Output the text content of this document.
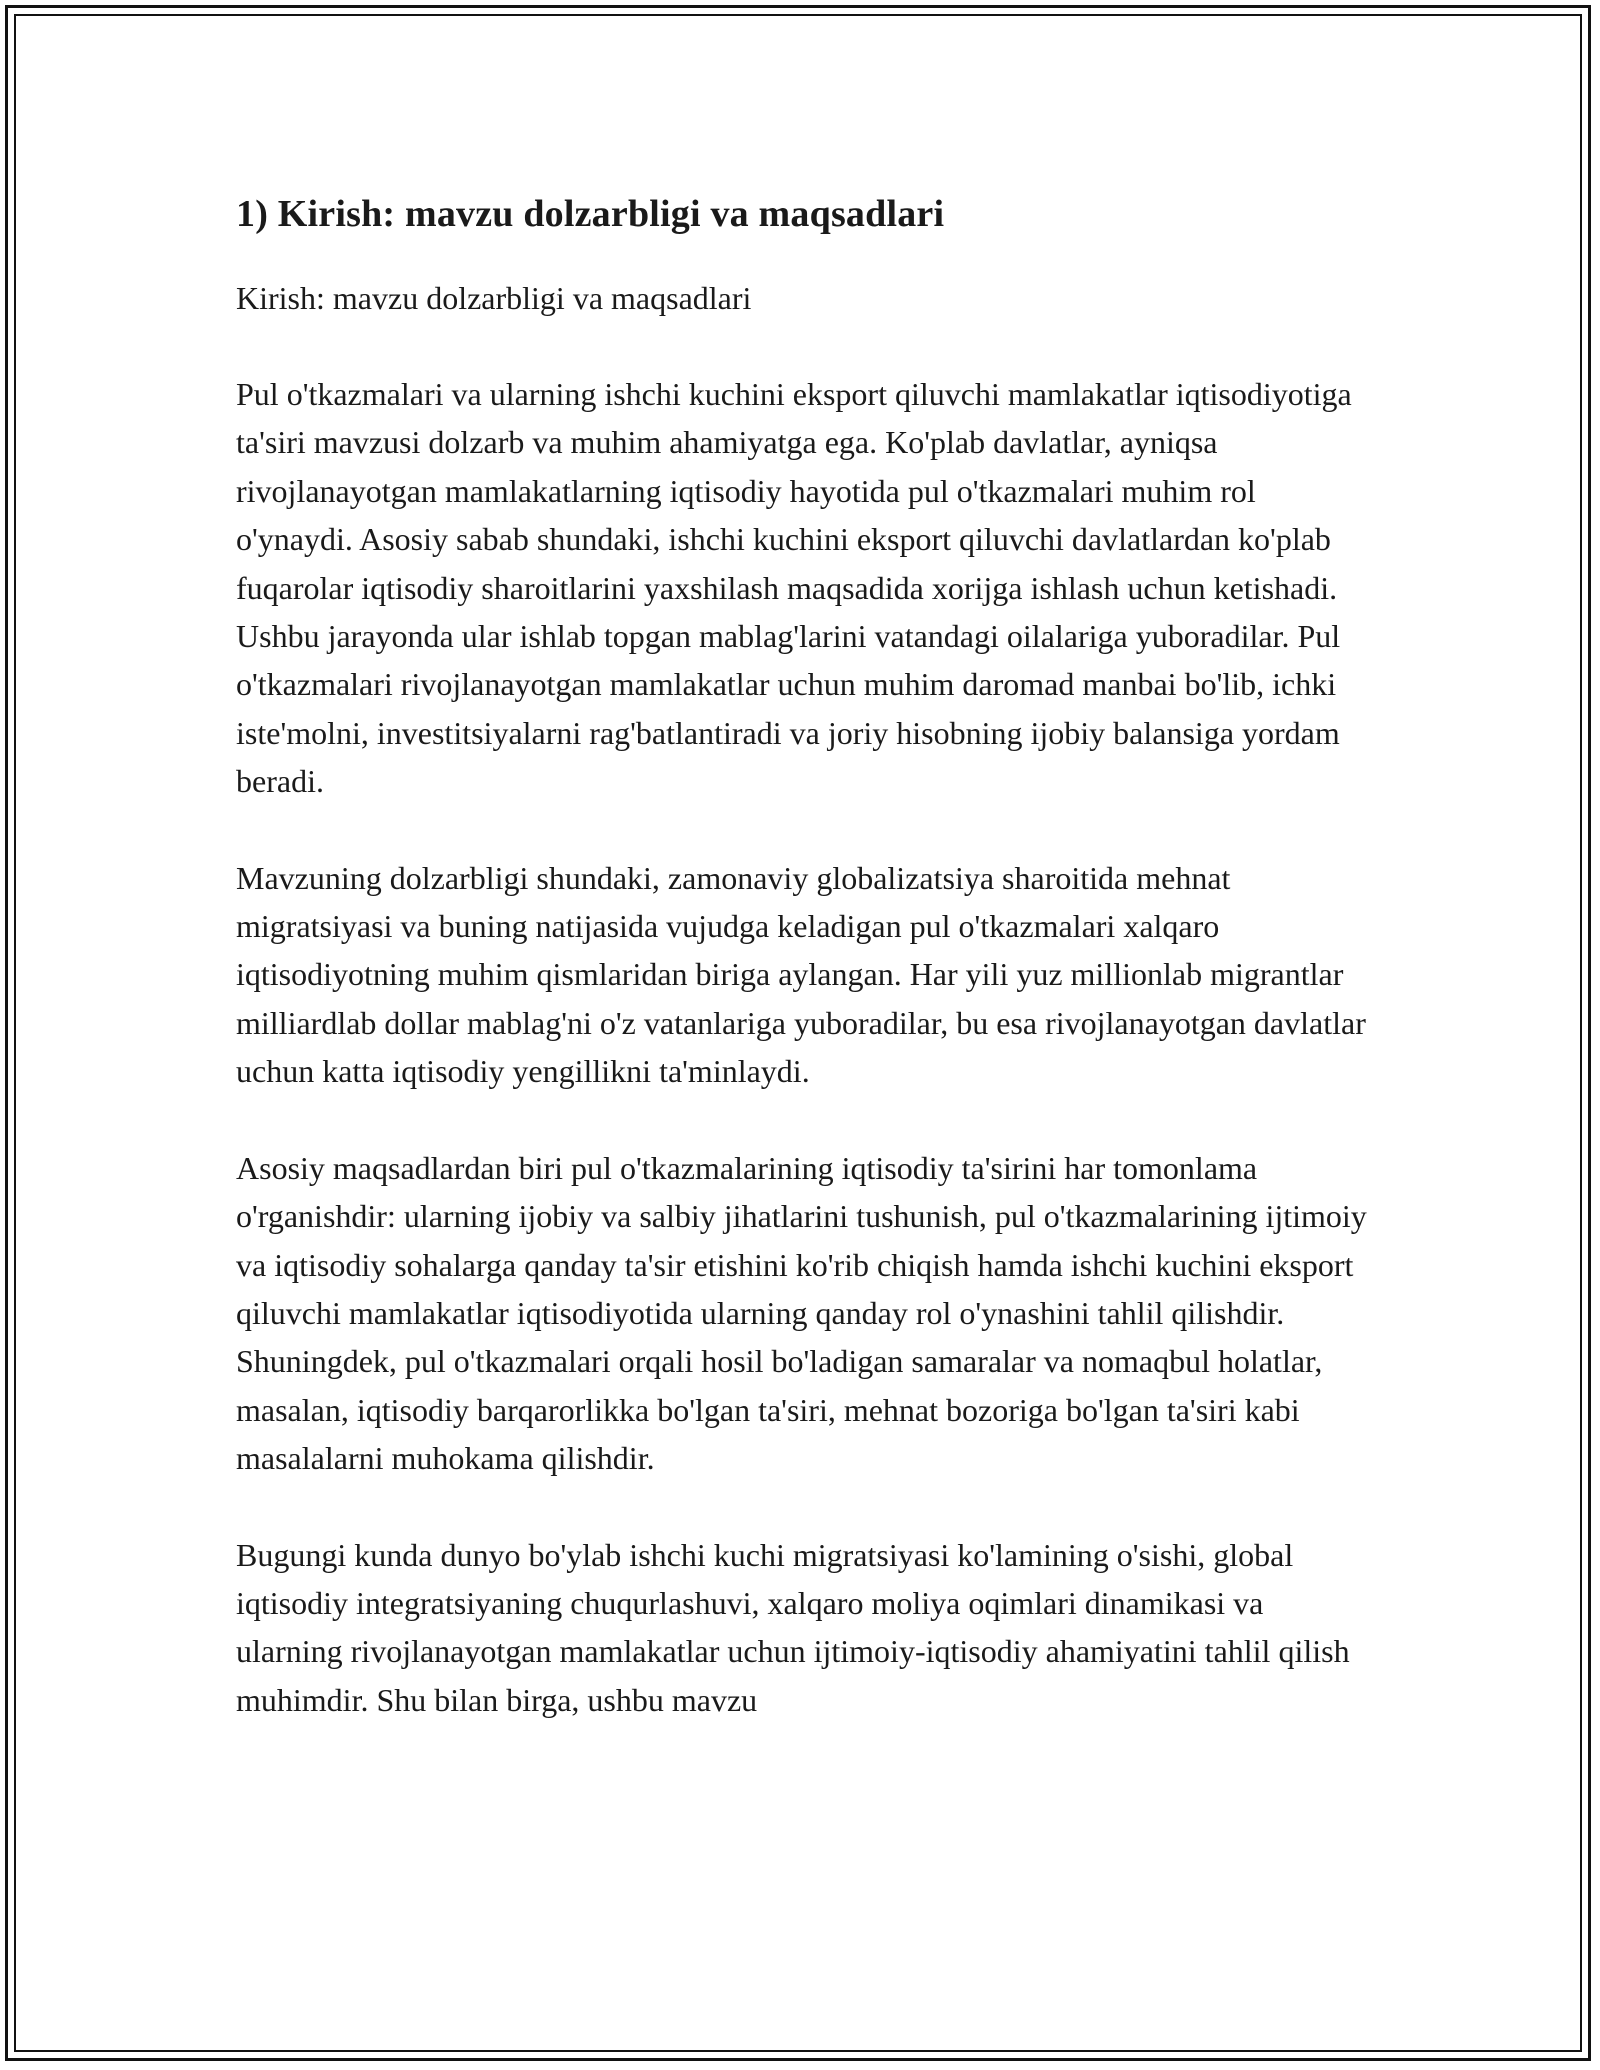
1) Kirish: mavzu dolzarbligi va maqsadlari

Kirish: mavzu dolzarbligi va maqsadlari

Pul o'tkazmalari va ularning ishchi kuchini eksport qiluvchi mamlakatlar iqtisodiyotiga ta'siri mavzusi dolzarb va muhim ahamiyatga ega. Ko'plab davlatlar, ayniqsa rivojlanayotgan mamlakatlarning iqtisodiy hayotida pul o'tkazmalari muhim rol o'ynaydi. Asosiy sabab shundaki, ishchi kuchini eksport qiluvchi davlatlardan ko'plab fuqarolar iqtisodiy sharoitlarini yaxshilash maqsadida xorijga ishlash uchun ketishadi. Ushbu jarayonda ular ishlab topgan mablag'larini vatandagi oilalariga yuboradilar. Pul o'tkazmalari rivojlanayotgan mamlakatlar uchun muhim daromad manbai bo'lib, ichki iste'molni, investitsiyalarni rag'batlantiradi va joriy hisobning ijobiy balansiga yordam beradi.

Mavzuning dolzarbligi shundaki, zamonaviy globalizatsiya sharoitida mehnat migratsiyasi va buning natijasida vujudga keladigan pul o'tkazmalari xalqaro iqtisodiyotning muhim qismlaridan biriga aylangan. Har yili yuz millionlab migrantlar milliardlab dollar mablag'ni o'z vatanlariga yuboradilar, bu esa rivojlanayotgan davlatlar uchun katta iqtisodiy yengillikni ta'minlaydi.

Asosiy maqsadlardan biri pul o'tkazmalarining iqtisodiy ta'sirini har tomonlama o'rganishdir: ularning ijobiy va salbiy jihatlarini tushunish, pul o'tkazmalarining ijtimoiy va iqtisodiy sohalarga qanday ta'sir etishini ko'rib chiqish hamda ishchi kuchini eksport qiluvchi mamlakatlar iqtisodiyotida ularning qanday rol o'ynashini tahlil qilishdir. Shuningdek, pul o'tkazmalari orqali hosil bo'ladigan samaralar va nomaqbul holatlar, masalan, iqtisodiy barqarorlikka bo'lgan ta'siri, mehnat bozoriga bo'lgan ta'siri kabi masalalarni muhokama qilishdir.

Bugungi kunda dunyo bo'ylab ishchi kuchi migratsiyasi ko'lamining o'sishi, global iqtisodiy integratsiyaning chuqurlashuvi, xalqaro moliya oqimlari dinamikasi va ularning rivojlanayotgan mamlakatlar uchun ijtimoiy-iqtisodiy ahamiyatini tahlil qilish muhimdir. Shu bilan birga, ushbu mavzu
